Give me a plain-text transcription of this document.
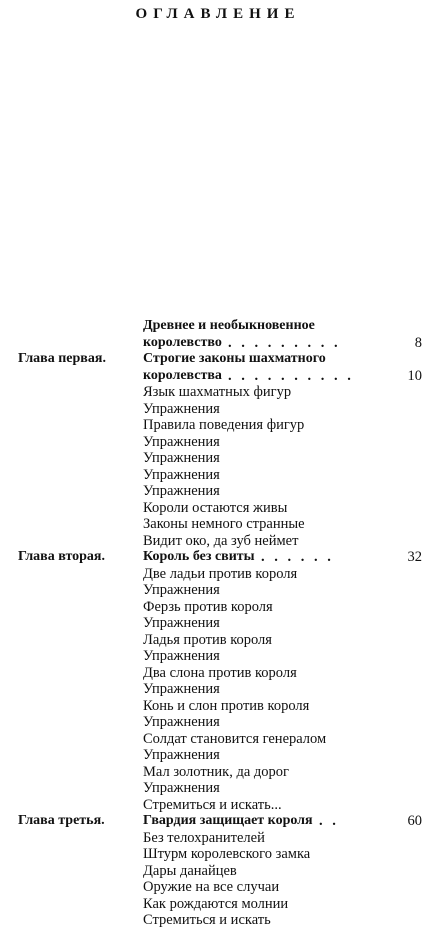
ОГЛАВЛЕНИЕ
Древнее и необыкновенное
королевство . . . . . . . . .	8
Глава первая.	Строгие законы шахматного
королевства . . . . . . . . . .	10
Язык шахматных фигур
Упражнения
Правила поведения фигур
Упражнения
Упражнения
Упражнения
Упражнения
Короли остаются живы
Законы немного странные
Видит око, да зуб неймет
Глава вторая.	Король без свиты . . . . . .	32
Две ладьи против короля
Упражнения
Ферзь против короля
Упражнения
Ладья против короля
Упражнения
Два слона против короля
Упражнения
Конь и слон против короля
Упражнения
Солдат становится генералом
Упражнения
Мал золотник, да дорог
Упражнения
Стремиться и искать...
Глава третья.	Гвардия защищает короля . .	60
Без телохранителей
Штурм королевского замка
Дары данайцев
Оружие на все случаи
Как рождаются молнии
Стремиться и искать
